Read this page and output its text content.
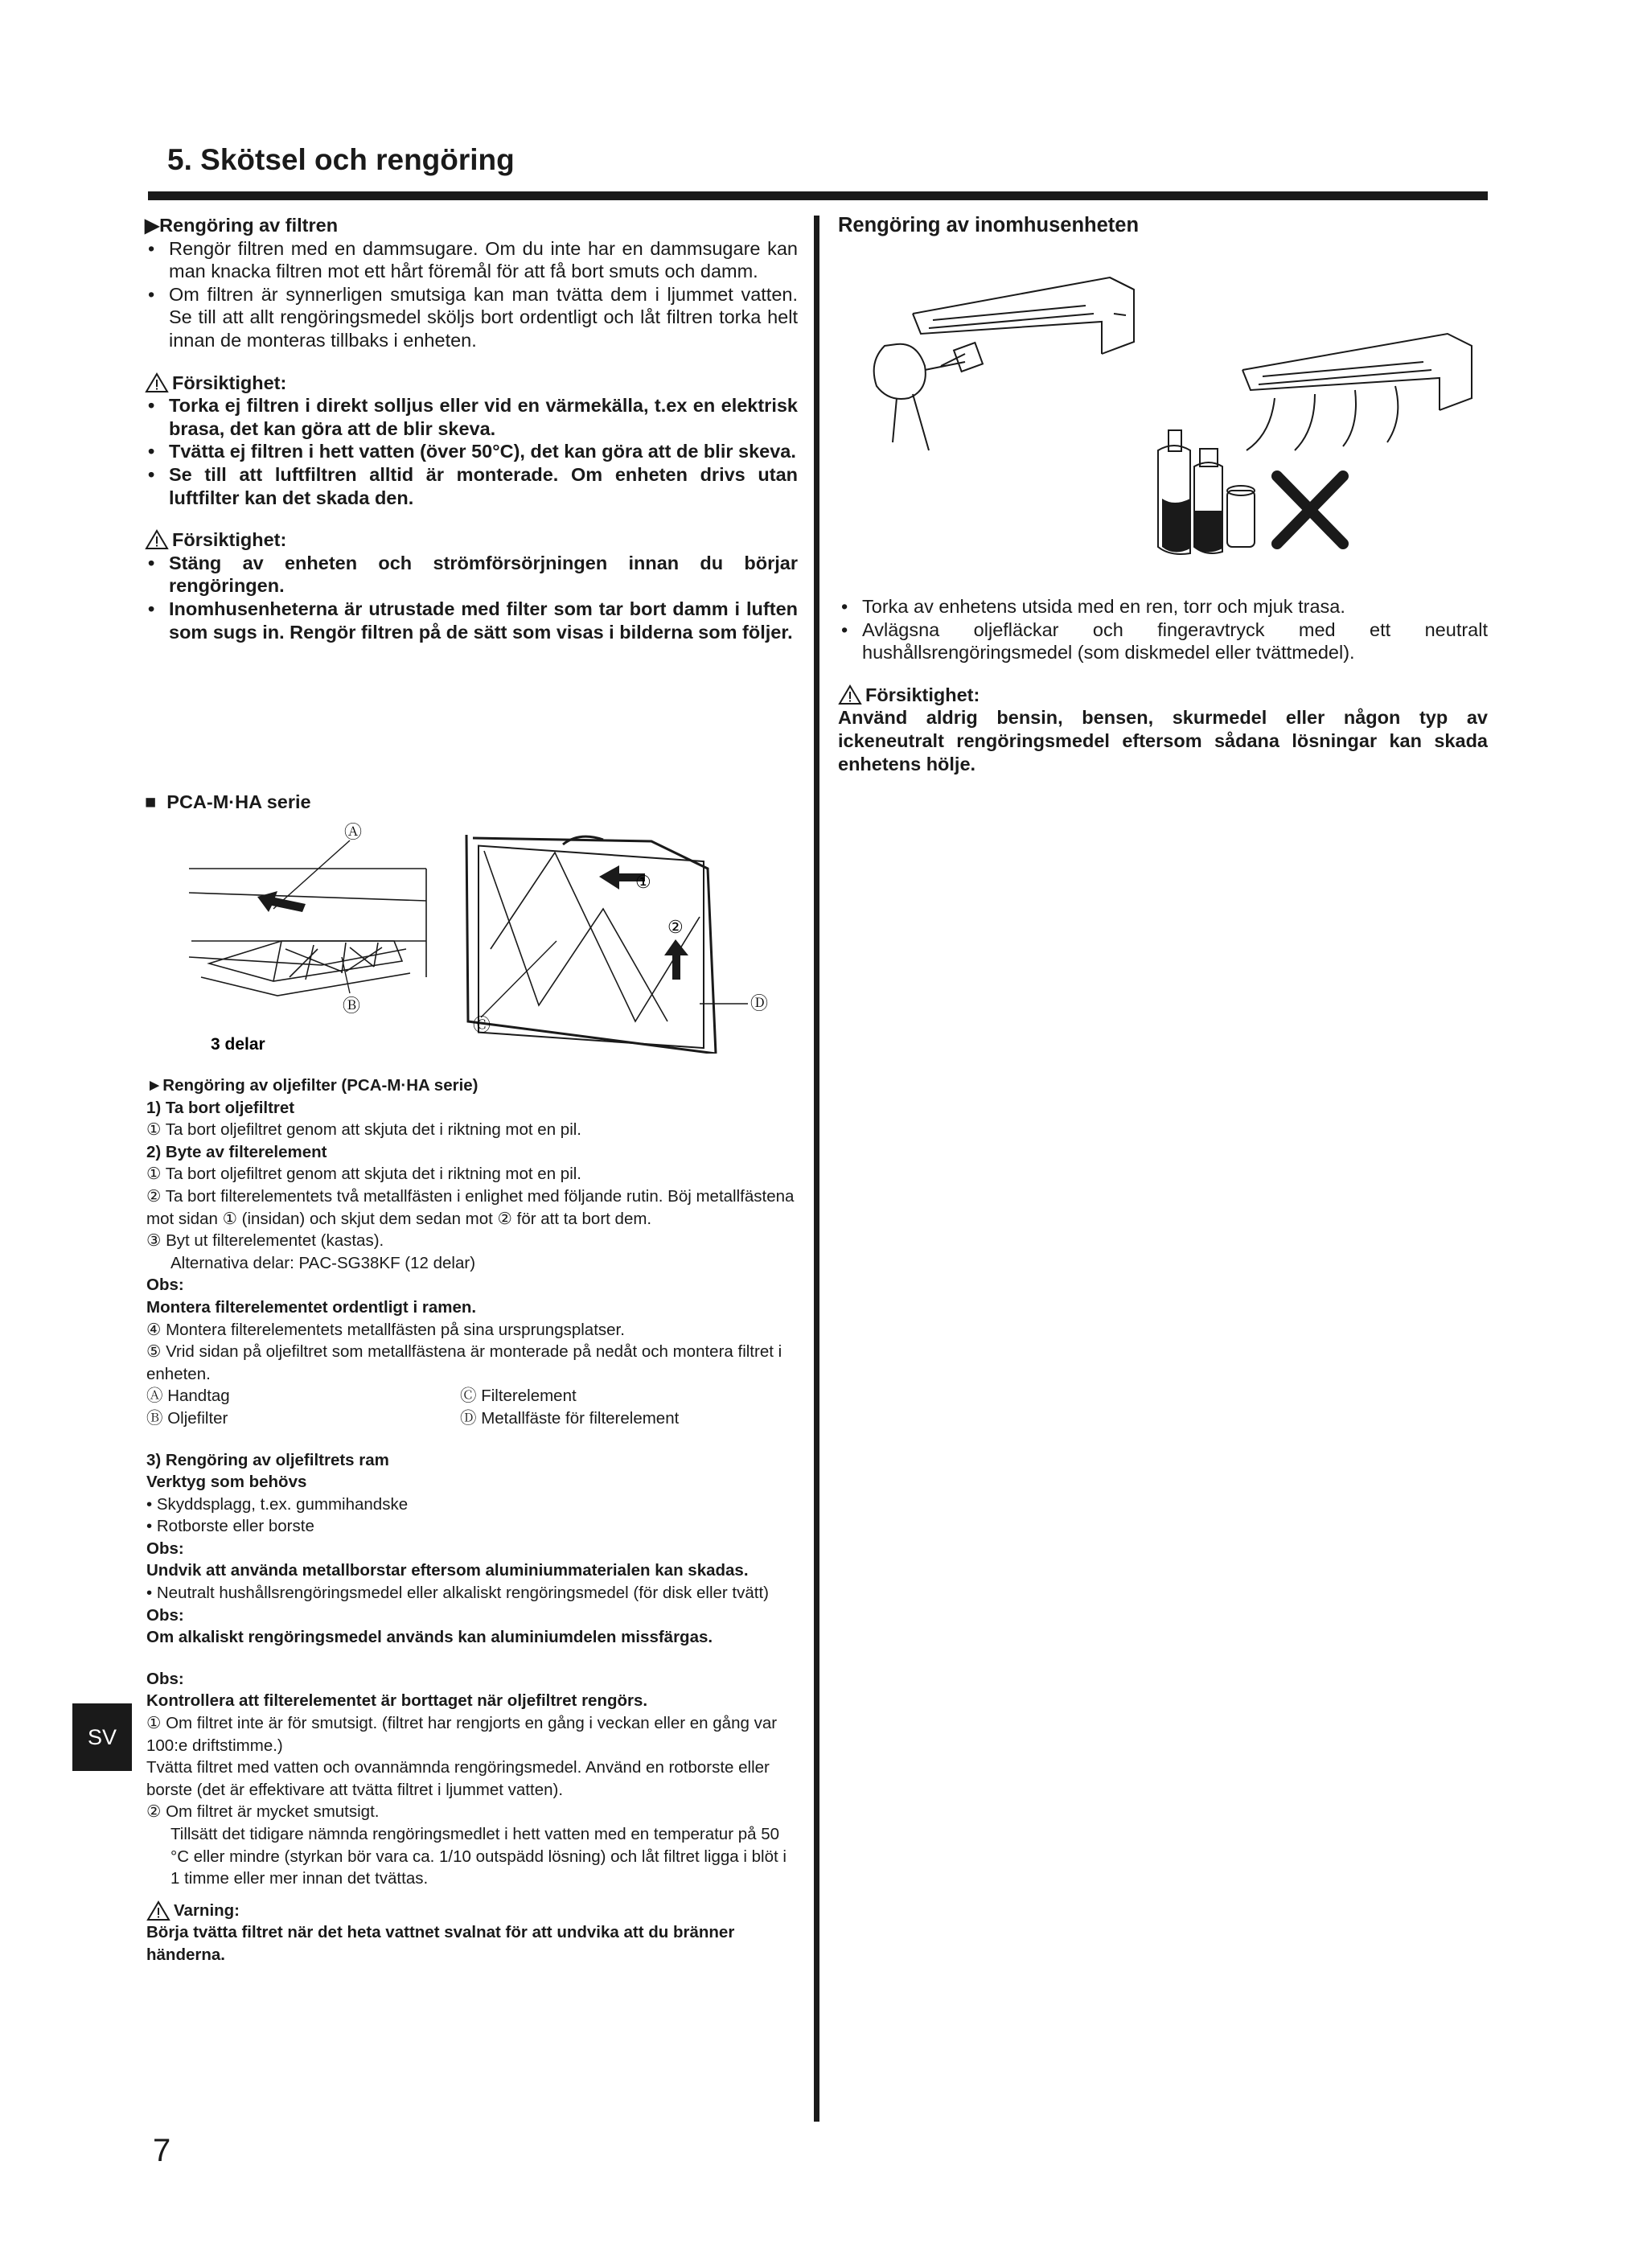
5. Skötsel och rengöring
▶Rengöring av filtren
• Rengör filtren med en dammsugare. Om du inte har en dammsugare kan man knacka filtren mot ett hårt föremål för att få bort smuts och damm.
• Om filtren är synnerligen smutsiga kan man tvätta dem i ljummet vatten. Se till att allt rengöringsmedel sköljs bort ordentligt och låt filtren torka helt innan de monteras tillbaks i enheten.
Försiktighet:
• Torka ej filtren i direkt solljus eller vid en värmekälla, t.ex en elektrisk brasa, det kan göra att de blir skeva.
• Tvätta ej filtren i hett vatten (över 50°C), det kan göra att de blir skeva.
• Se till att luftfiltren alltid är monterade. Om enheten drivs utan luftfilter kan det skada den.
Försiktighet:
• Stäng av enheten och strömförsörjningen innan du börjar rengöringen.
• Inomhusenheterna är utrustade med filter som tar bort damm i luften som sugs in. Rengör filtren på de sätt som visas i bilderna som följer.
■ PCA-M·HA serie
Ⓐ
Ⓑ
3 delar
①
②
Ⓒ
Ⓓ
►Rengöring av oljefilter (PCA-M·HA serie)
1) Ta bort oljefiltret
① Ta bort oljefiltret genom att skjuta det i riktning mot en pil.
2) Byte av filterelement
① Ta bort oljefiltret genom att skjuta det i riktning mot en pil.
② Ta bort filterelementets två metallfästen i enlighet med följande rutin. Böj metallfästena mot sidan ① (insidan) och skjut dem sedan mot ② för att ta bort dem.
③ Byt ut filterelementet (kastas).
Alternativa delar: PAC-SG38KF (12 delar)
Obs:
Montera filterelementet ordentligt i ramen.
④ Montera filterelementets metallfästen på sina ursprungsplatser.
⑤ Vrid sidan på oljefiltret som metallfästena är monterade på nedåt och montera filtret i enheten.
Ⓐ Handtag	Ⓒ Filterelement
Ⓑ Oljefilter	Ⓓ Metallfäste för filterelement
3) Rengöring av oljefiltrets ram
Verktyg som behövs
• Skyddsplagg, t.ex. gummihandske
• Rotborste eller borste
Obs:
Undvik att använda metallborstar eftersom aluminiummaterialen kan skadas.
• Neutralt hushållsrengöringsmedel eller alkaliskt rengöringsmedel (för disk eller tvätt)
Obs:
Om alkaliskt rengöringsmedel används kan aluminiumdelen missfärgas.
Obs:
Kontrollera att filterelementet är borttaget när oljefiltret rengörs.
① Om filtret inte är för smutsigt. (filtret har rengjorts en gång i veckan eller en gång var 100:e driftstimme.)
Tvätta filtret med vatten och ovannämnda rengöringsmedel. Använd en rotborste eller borste (det är effektivare att tvätta filtret i ljummet vatten).
② Om filtret är mycket smutsigt.
Tillsätt det tidigare nämnda rengöringsmedlet i hett vatten med en temperatur på 50 °C eller mindre (styrkan bör vara ca. 1/10 outspädd lösning) och låt filtret ligga i blöt i 1 timme eller mer innan det tvättas.
Varning:
Börja tvätta filtret när det heta vattnet svalnat för att undvika att du bränner händerna.
Rengöring av inomhusenheten
• Torka av enhetens utsida med en ren, torr och mjuk trasa.
• Avlägsna oljefläckar och fingeravtryck med ett neutralt hushållsrengöringsmedel (som diskmedel eller tvättmedel).
Försiktighet:
Använd aldrig bensin, bensen, skurmedel eller någon typ av ickeneutralt rengöringsmedel eftersom sådana lösningar kan skada enhetens hölje.
SV
7
